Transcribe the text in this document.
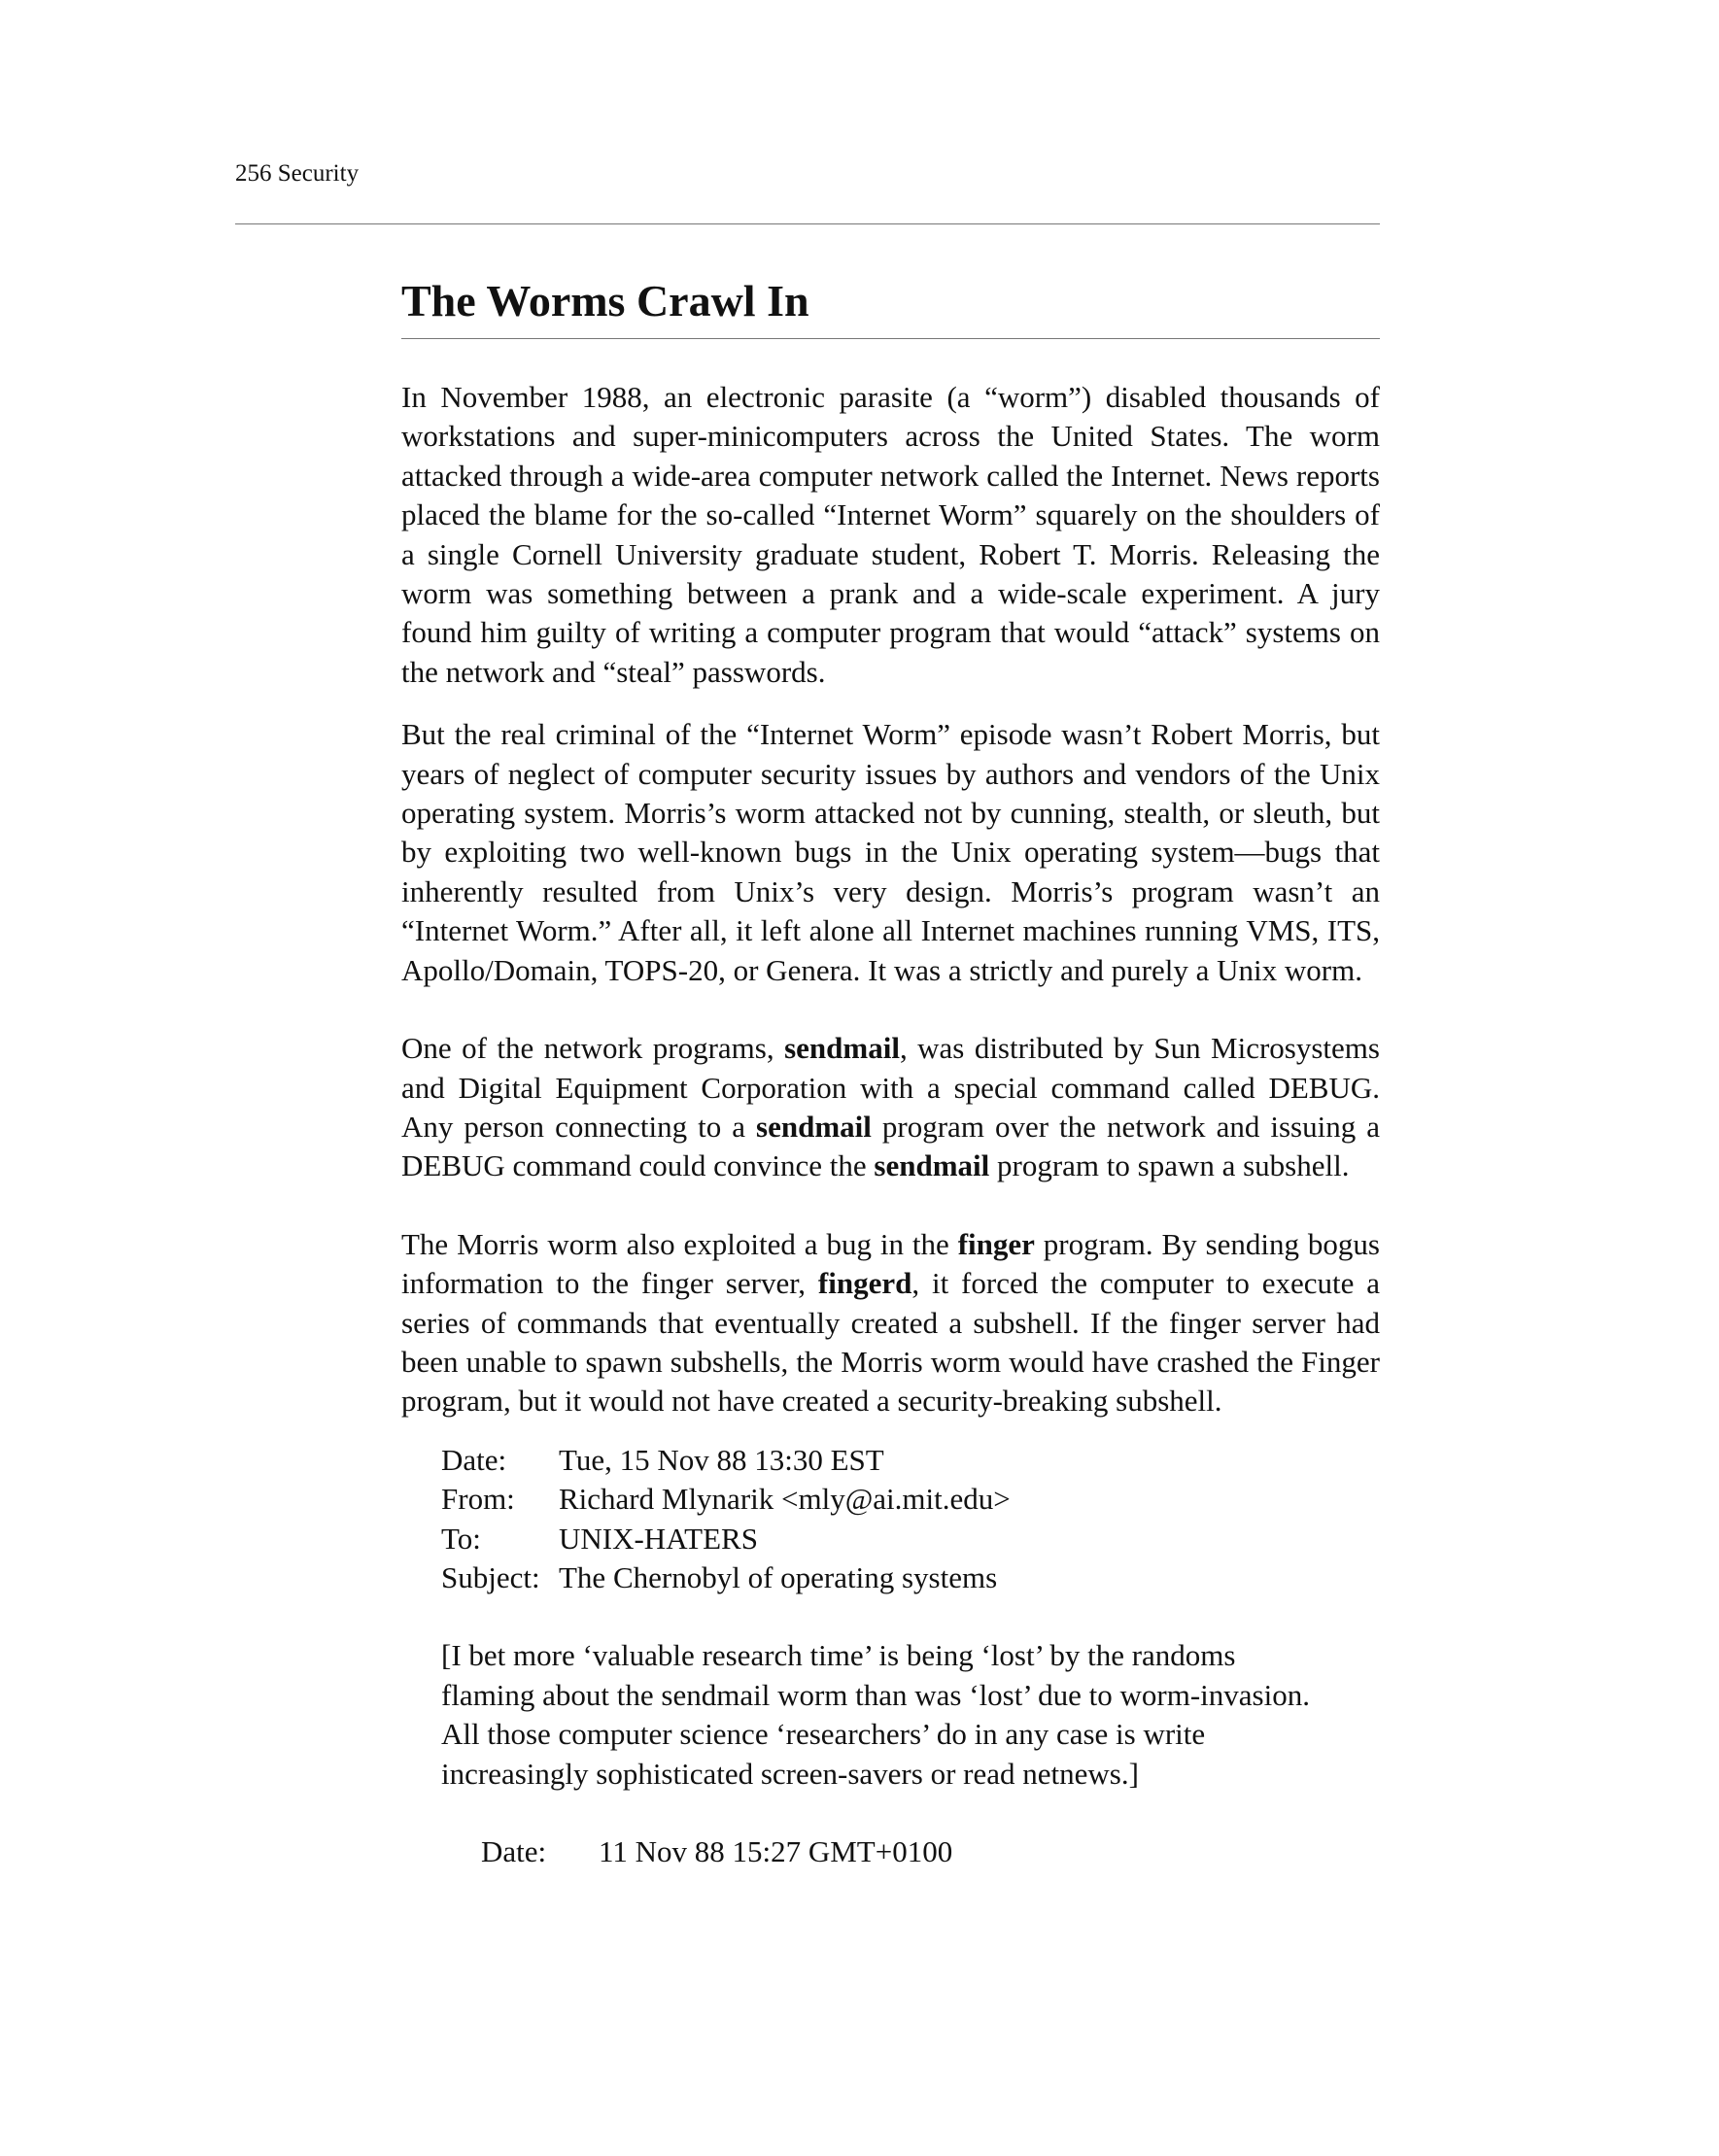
256 Security
The Worms Crawl In

In November 1988, an electronic parasite (a “worm”) disabled thousands of workstations and super-minicomputers across the United States. The worm attacked through a wide-area computer network called the Internet. News reports placed the blame for the so-called “Internet Worm” squarely on the shoulders of a single Cornell University graduate student, Robert T. Morris. Releasing the worm was something between a prank and a wide-scale experiment. A jury found him guilty of writing a computer program that would “attack” systems on the network and “steal” passwords.

But the real criminal of the “Internet Worm” episode wasn’t Robert Morris, but years of neglect of computer security issues by authors and vendors of the Unix operating system. Morris’s worm attacked not by cunning, stealth, or sleuth, but by exploiting two well-known bugs in the Unix operating system—bugs that inherently resulted from Unix’s very design. Morris’s program wasn’t an “Internet Worm.” After all, it left alone all Internet machines running VMS, ITS, Apollo/Domain, TOPS-20, or Genera. It was a strictly and purely a Unix worm.

One of the network programs, sendmail, was distributed by Sun Microsystems and Digital Equipment Corporation with a special command called DEBUG. Any person connecting to a sendmail program over the network and issuing a DEBUG command could convince the sendmail program to spawn a subshell.

The Morris worm also exploited a bug in the finger program. By sending bogus information to the finger server, fingerd, it forced the computer to execute a series of commands that eventually created a subshell. If the finger server had been unable to spawn subshells, the Morris worm would have crashed the Finger program, but it would not have created a security-breaking subshell.

Date:	Tue, 15 Nov 88 13:30 EST
From:	Richard Mlynarik <mly@ai.mit.edu>
To:	UNIX-HATERS
Subject: The Chernobyl of operating systems
[I bet more ‘valuable research time’ is being ‘lost’ by the randoms flaming about the sendmail worm than was ‘lost’ due to worm-invasion. All those computer science ‘researchers’ do in any case is write increasingly sophisticated screen-savers or read netnews.]
Date:	11 Nov 88 15:27 GMT+0100
